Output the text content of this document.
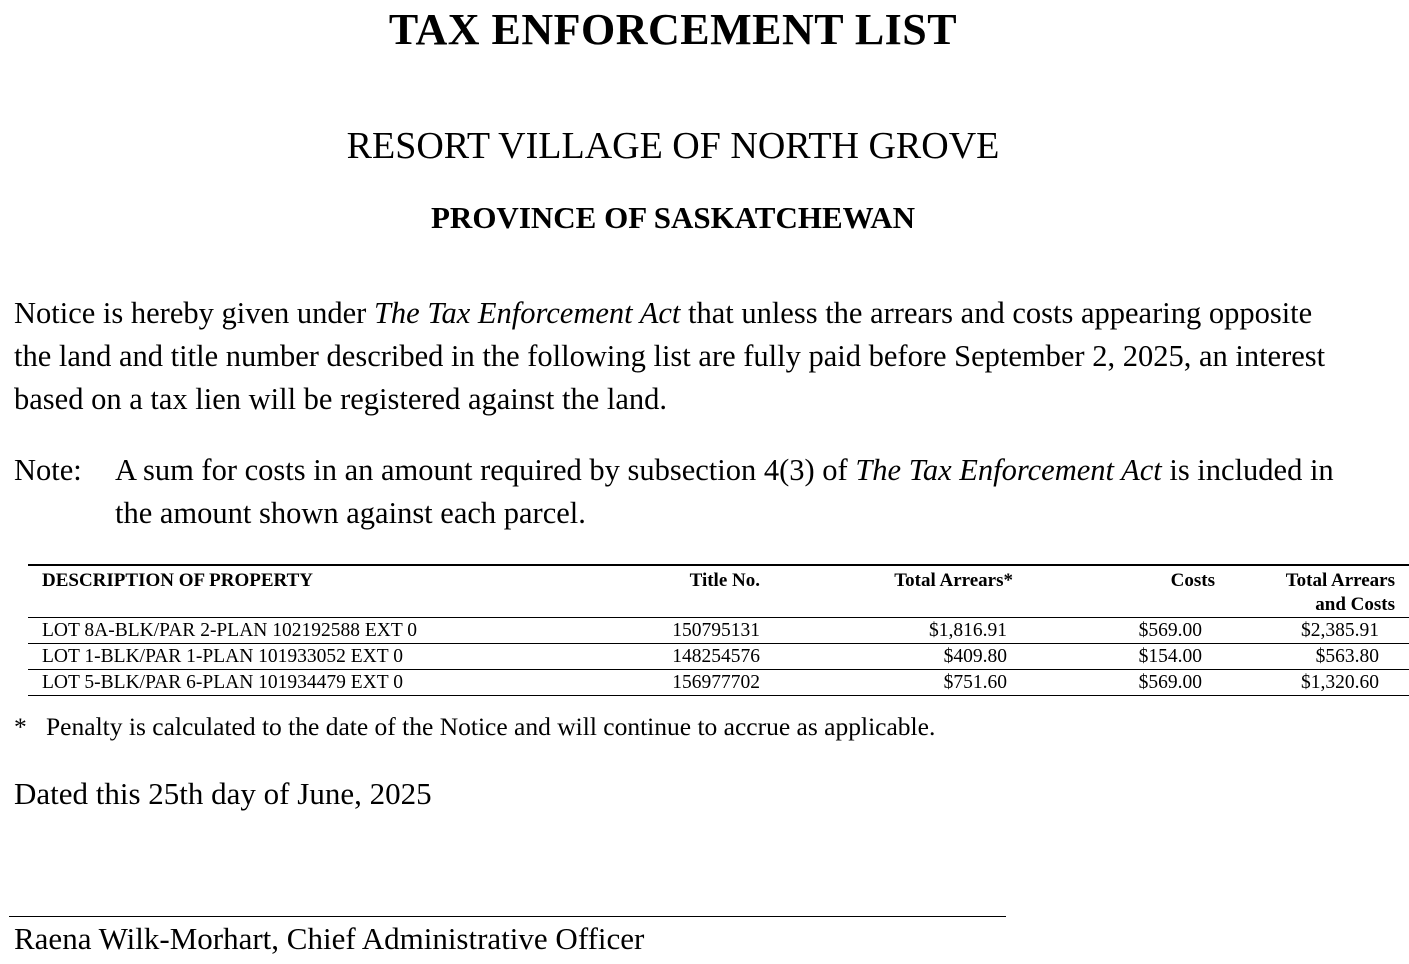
TAX ENFORCEMENT LIST
RESORT VILLAGE OF NORTH GROVE
PROVINCE OF SASKATCHEWAN

Notice is hereby given under The Tax Enforcement Act that unless the arrears and costs appearing opposite the land and title number described in the following list are fully paid before September 2, 2025, an interest based on a tax lien will be registered against the land.

Note: A sum for costs in an amount required by subsection 4(3) of The Tax Enforcement Act is included in the amount shown against each parcel.
DESCRIPTION OF PROPERTY	Title No.	Total Arrears*	Costs	Total Arrears
and Costs
LOT 8A-BLK/PAR 2-PLAN 102192588 EXT 0	150795131	$1,816.91	$569.00	$2,385.91
LOT 1-BLK/PAR 1-PLAN 101933052 EXT 0	148254576	$409.80	$154.00	$563.80
LOT 5-BLK/PAR 6-PLAN 101934479 EXT 0	156977702	$751.60	$569.00	$1,320.60

* Penalty is calculated to the date of the Notice and will continue to accrue as applicable.

Dated this 25th day of June, 2025

Raena Wilk-Morhart, Chief Administrative Officer
